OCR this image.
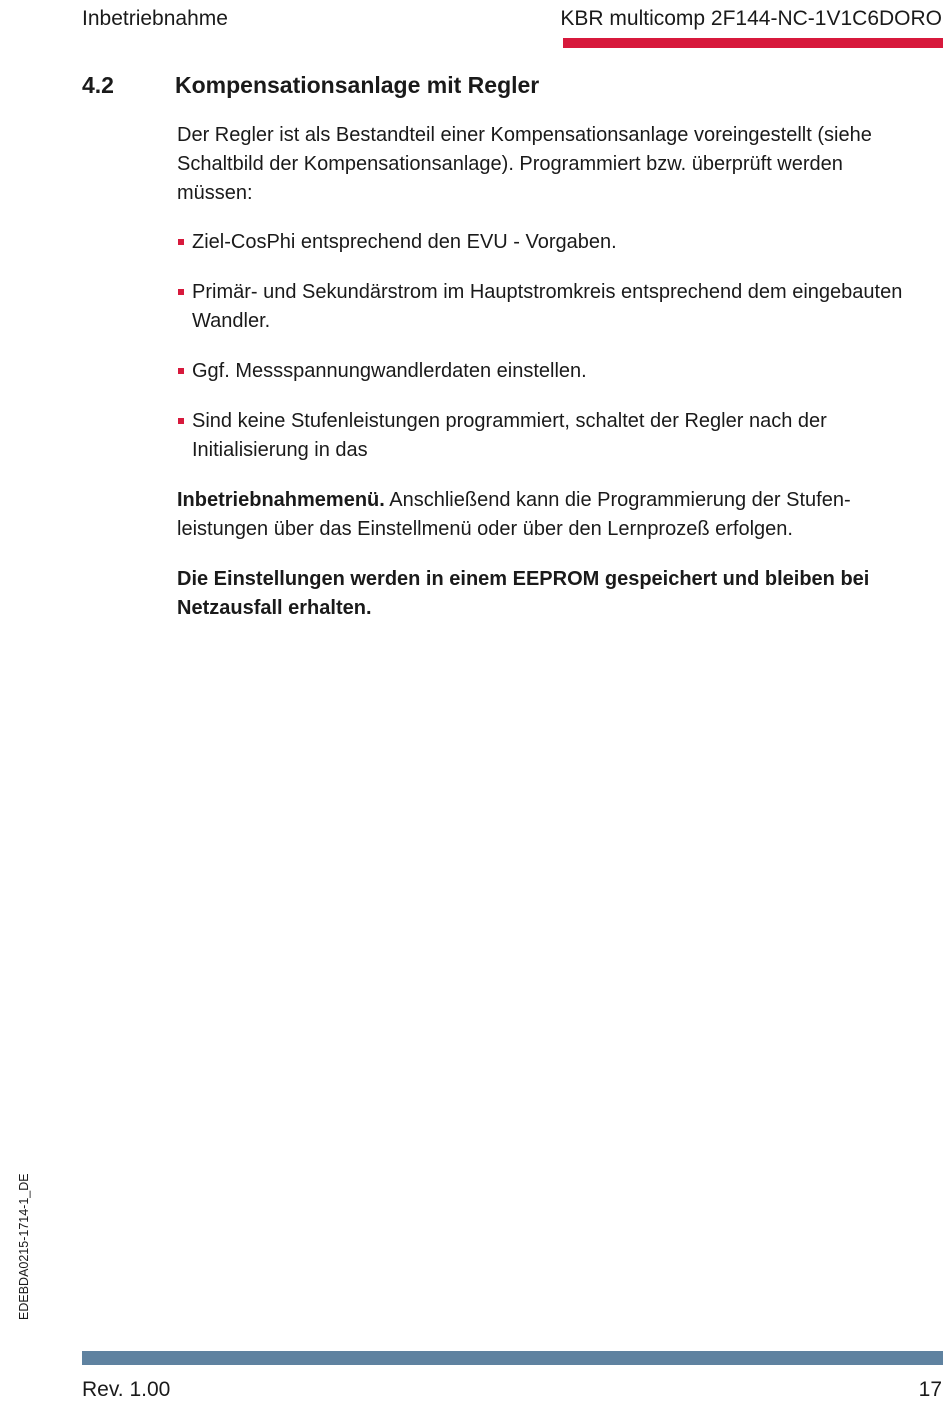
Inbetriebnahme	KBR multicomp 2F144-NC-1V1C6DORO
4.2	Kompensationsanlage mit Regler

Der Regler ist als Bestandteil einer Kompensationsanlage voreingestellt (siehe Schaltbild der Kompensationsanlage). Programmiert bzw. überprüft werden müssen:

Ziel-CosPhi entsprechend den EVU - Vorgaben.
Primär- und Sekundärstrom im Hauptstromkreis entsprechend dem eingebauten Wandler.
Ggf. Messspannungwandlerdaten einstellen.
Sind keine Stufenleistungen programmiert, schaltet der Regler nach der Initialisierung in das

Inbetriebnahmemenü. Anschließend kann die Programmierung der Stufenleistungen über das Einstellmenü oder über den Lernprozeß erfolgen.

Die Einstellungen werden in einem EEPROM gespeichert und bleiben bei Netzausfall erhalten.

EDEBDA0215-1714-1_DE
Rev. 1.00	17
